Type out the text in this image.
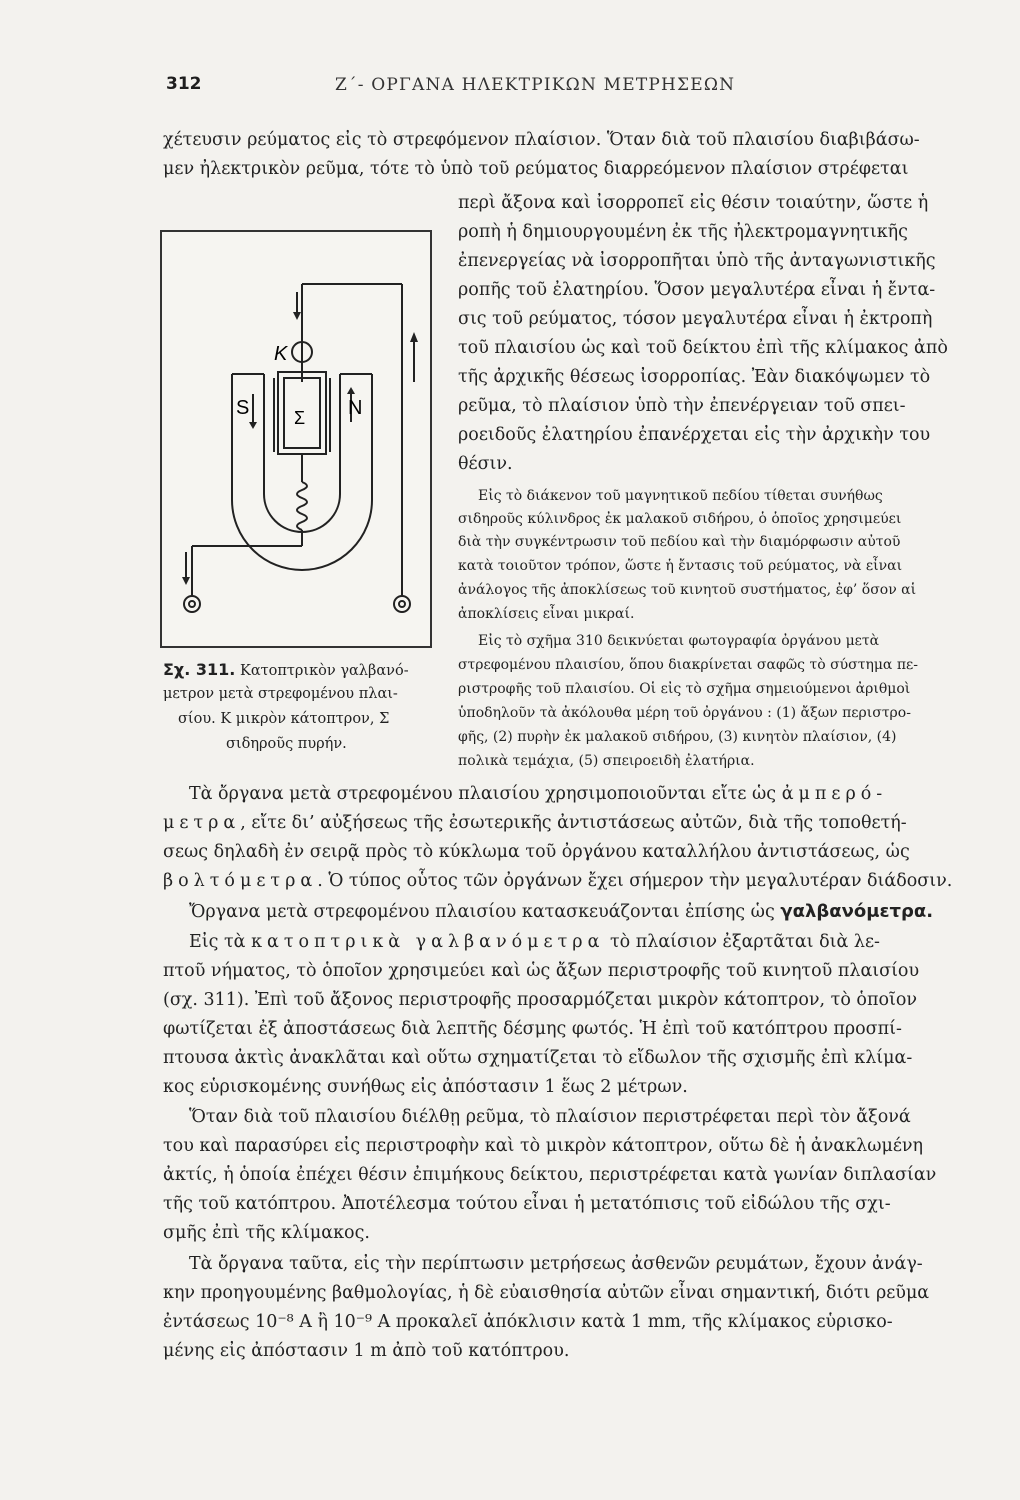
312	Ζ΄- ΟΡΓΑΝΑ ΗΛΕΚΤΡΙΚΩΝ ΜΕΤΡΗΣΕΩΝ
χέτευσιν ρεύματος εἰς τὸ στρεφόμενον πλαίσιον. Ὅταν διὰ τοῦ πλαισίου διαβιβάσω-
μεν ἠλεκτρικὸν ρεῦμα, τότε τὸ ὑπὸ τοῦ ρεύματος διαρρεόμενον πλαίσιον στρέφεται
περὶ ἄξονα καὶ ἰσορροπεῖ εἰς θέσιν τοιαύτην, ὥστε ἡ
ροπὴ ἡ δημιουργουμένη ἐκ τῆς ἠλεκτρομαγνητικῆς
ἐπενεργείας νὰ ἰσορροπῆται ὑπὸ τῆς ἀνταγωνιστικῆς
ροπῆς τοῦ ἐλατηρίου. Ὅσον μεγαλυτέρα εἶναι ἡ ἔντα-
σις τοῦ ρεύματος, τόσον μεγαλυτέρα εἶναι ἡ ἐκτροπὴ
τοῦ πλαισίου ὡς καὶ τοῦ δείκτου ἐπὶ τῆς κλίμακος ἀπὸ
τῆς ἀρχικῆς θέσεως ἰσορροπίας. Ἐὰν διακόψωμεν τὸ
ρεῦμα, τὸ πλαίσιον ὑπὸ τὴν ἐπενέργειαν τοῦ σπει-
ροειδοῦς ἐλατηρίου ἐπανέρχεται εἰς τὴν ἀρχικὴν του
θέσιν.
Εἰς τὸ διάκενον τοῦ μαγνητικοῦ πεδίου τίθεται συνήθως
σιδηροῦς κύλινδρος ἐκ μαλακοῦ σιδήρου, ὁ ὁποῖος χρησιμεύει
διὰ τὴν συγκέντρωσιν τοῦ πεδίου καὶ τὴν διαμόρφωσιν αὐτοῦ
κατὰ τοιοῦτον τρόπον, ὥστε ἡ ἔντασις τοῦ ρεύματος, νὰ εἶναι
ἀνάλογος τῆς ἀποκλίσεως τοῦ κινητοῦ συστήματος, ἐφ’ ὅσον αἱ
ἀποκλίσεις εἶναι μικραί.
Εἰς τὸ σχῆμα 310 δεικνύεται φωτογραφία ὀργάνου μετὰ
στρεφομένου πλαισίου, ὅπου διακρίνεται σαφῶς τὸ σύστημα πε-
ριστροφῆς τοῦ πλαισίου. Οἱ εἰς τὸ σχῆμα σημειούμενοι ἀριθμοὶ
ὑποδηλοῦν τὰ ἀκόλουθα μέρη τοῦ ὀργάνου : (1) ἄξων περιστρο-
φῆς, (2) πυρὴν ἐκ μαλακοῦ σιδήρου, (3) κινητὸν πλαίσιον, (4)
πολικὰ τεμάχια, (5) σπειροειδὴ ἐλατήρια.
K
Σ
S	N
Σχ. 311. Κατοπτρικὸν γαλβανό-
μετρον μετὰ στρεφομένου πλαι-
σίου. Κ μικρὸν κάτοπτρον, Σ
σιδηροῦς πυρήν.
Τὰ ὄργανα μετὰ στρεφομένου πλαισίου χρησιμοποιοῦνται εἴτε ὡς ἀμπερό-
μετρα, εἴτε δι’ αὐξήσεως τῆς ἐσωτερικῆς ἀντιστάσεως αὐτῶν, διὰ τῆς τοποθετή-
σεως δηλαδὴ ἐν σειρᾷ πρὸς τὸ κύκλωμα τοῦ ὀργάνου καταλλήλου ἀντιστάσεως, ὡς
βολτόμετρα. Ὁ τύπος οὗτος τῶν ὀργάνων ἔχει σήμερον τὴν μεγαλυτέραν διάδοσιν.
Ὄργανα μετὰ στρεφομένου πλαισίου κατασκευάζονται ἐπίσης ὡς γαλβανόμετρα.
Εἰς τὰ κατοπτρικὰ γαλβανόμετρα τὸ πλαίσιον ἐξαρτᾶται διὰ λε-
πτοῦ νήματος, τὸ ὁποῖον χρησιμεύει καὶ ὡς ἄξων περιστροφῆς τοῦ κινητοῦ πλαισίου
(σχ. 311). Ἐπὶ τοῦ ἄξονος περιστροφῆς προσαρμόζεται μικρὸν κάτοπτρον, τὸ ὁποῖον
φωτίζεται ἐξ ἀποστάσεως διὰ λεπτῆς δέσμης φωτός. Ἡ ἐπὶ τοῦ κατόπτρου προσπί-
πτουσα ἀκτὶς ἀνακλᾶται καὶ οὕτω σχηματίζεται τὸ εἴδωλον τῆς σχισμῆς ἐπὶ κλίμα-
κος εὑρισκομένης συνήθως εἰς ἀπόστασιν 1 ἕως 2 μέτρων.
Ὅταν διὰ τοῦ πλαισίου διέλθῃ ρεῦμα, τὸ πλαίσιον περιστρέφεται περὶ τὸν ἄξονά
του καὶ παρασύρει εἰς περιστροφὴν καὶ τὸ μικρὸν κάτοπτρον, οὕτω δὲ ἡ ἀνακλωμένη
ἀκτίς, ἡ ὁποία ἐπέχει θέσιν ἐπιμήκους δείκτου, περιστρέφεται κατὰ γωνίαν διπλασίαν
τῆς τοῦ κατόπτρου. Ἀποτέλεσμα τούτου εἶναι ἡ μετατόπισις τοῦ εἰδώλου τῆς σχι-
σμῆς ἐπὶ τῆς κλίμακος.
Τὰ ὄργανα ταῦτα, εἰς τὴν περίπτωσιν μετρήσεως ἀσθενῶν ρευμάτων, ἔχουν ἀνάγ-
κην προηγουμένης βαθμολογίας, ἡ δὲ εὐαισθησία αὐτῶν εἶναι σημαντική, διότι ρεῦμα
ἐντάσεως 10⁻⁸ A ἢ 10⁻⁹ A προκαλεῖ ἀπόκλισιν κατὰ 1 mm, τῆς κλίμακος εὑρισκο-
μένης εἰς ἀπόστασιν 1 m ἀπὸ τοῦ κατόπτρου.
